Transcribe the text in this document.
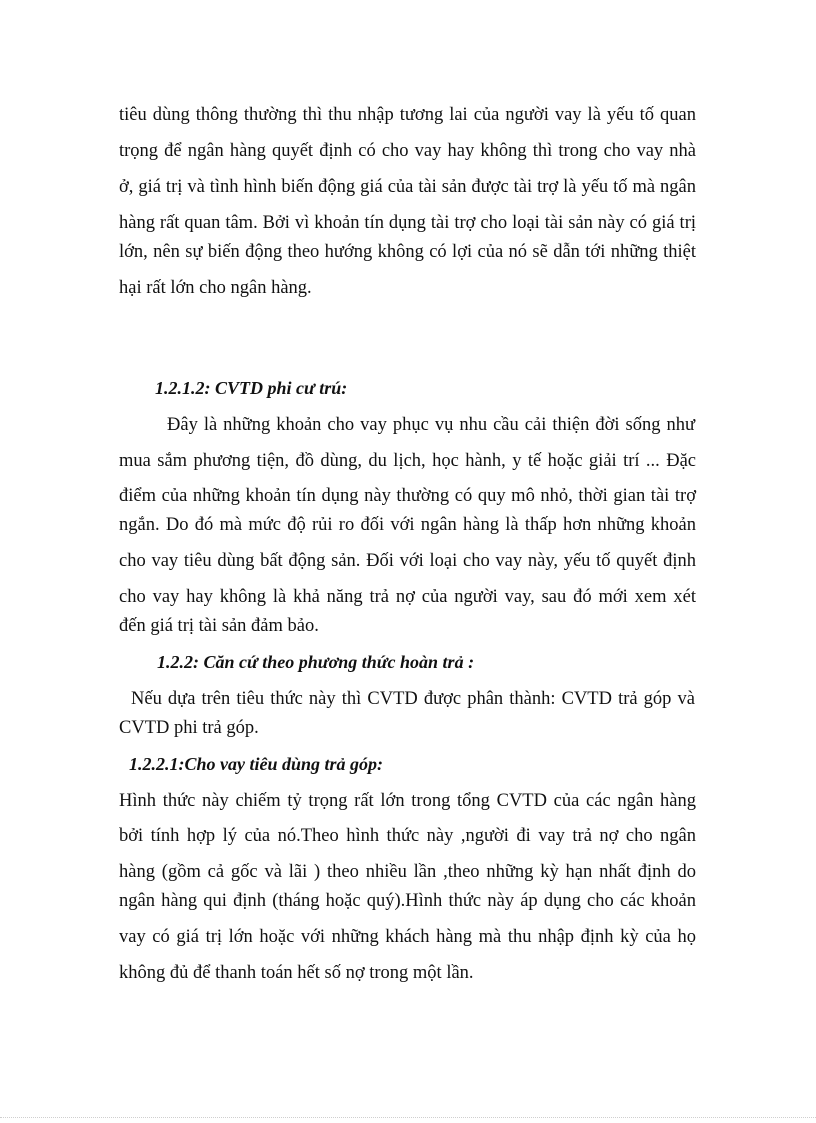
tiêu dùng thông thường thì thu nhập tương lai của người vay là yếu tố quan
trọng để ngân hàng quyết định có cho vay hay không thì trong cho vay nhà
ở, giá trị và tình hình biến động giá của tài sản được tài trợ là yếu tố mà ngân
hàng rất quan tâm. Bởi vì khoản tín dụng tài trợ cho loại tài sản này có giá trị
lớn, nên sự biến động theo hướng không có lợi của nó sẽ dẫn tới những thiệt
hại rất lớn cho ngân hàng.
1.2.1.2: CVTD phi cư trú:
Đây là những khoản cho vay phục vụ nhu cầu cải thiện đời sống như
mua sắm phương tiện, đồ dùng, du lịch, học hành, y tế hoặc giải trí ... Đặc
điểm của những khoản tín dụng này thường có quy mô nhỏ, thời gian tài trợ
ngắn. Do đó mà mức độ rủi ro đối với ngân hàng là thấp hơn những khoản
cho vay tiêu dùng bất động sản. Đối với loại cho vay này, yếu tố quyết định
cho vay hay không là khả năng trả nợ của người vay, sau đó mới xem xét
đến giá trị tài sản đảm bảo.
1.2.2: Căn cứ theo phương thức hoàn trả :
Nếu dựa trên tiêu thức này thì CVTD được phân thành: CVTD trả góp và
CVTD phi trả góp.
1.2.2.1:Cho vay tiêu dùng trả góp:
Hình thức này chiếm tỷ trọng rất lớn trong tổng CVTD của các ngân hàng
bởi tính hợp lý của nó.Theo hình thức này ,người đi vay trả nợ cho ngân
hàng (gồm cả gốc và lãi ) theo nhiều lần ,theo những kỳ hạn nhất định do
ngân hàng qui định (tháng hoặc quý).Hình thức này áp dụng cho các khoản
vay có giá trị lớn hoặc với những khách hàng mà thu nhập định kỳ của họ
không đủ để thanh toán hết số nợ trong một lần.
